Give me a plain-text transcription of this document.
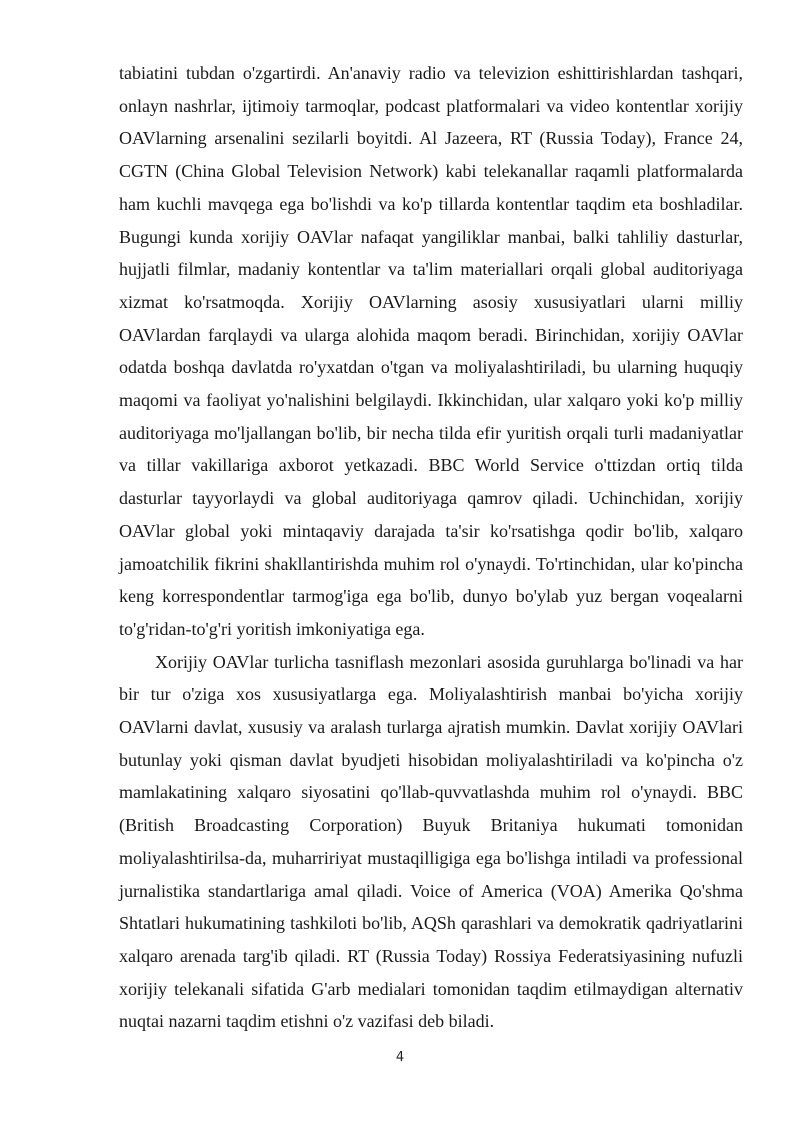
tabiatini tubdan o'zgartirdi. An'anaviy radio va televizion eshittirishlardan tashqari, onlayn nashrlar, ijtimoiy tarmoqlar, podcast platformalari va video kontentlar xorijiy OAVlarning arsenalini sezilarli boyitdi. Al Jazeera, RT (Russia Today), France 24, CGTN (China Global Television Network) kabi telekanallar raqamli platformalarda ham kuchli mavqega ega bo'lishdi va ko'p tillarda kontentlar taqdim eta boshladilar. Bugungi kunda xorijiy OAVlar nafaqat yangiliklar manbai, balki tahliliy dasturlar, hujjatli filmlar, madaniy kontentlar va ta'lim materiallari orqali global auditoriyaga xizmat ko'rsatmoqda. Xorijiy OAVlarning asosiy xususiyatlari ularni milliy OAVlardan farqlaydi va ularga alohida maqom beradi. Birinchidan, xorijiy OAVlar odatda boshqa davlatda ro'yxatdan o'tgan va moliyalashtiriladi, bu ularning huquqiy maqomi va faoliyat yo'nalishini belgilaydi. Ikkinchidan, ular xalqaro yoki ko'p milliy auditoriyaga mo'ljallangan bo'lib, bir necha tilda efir yuritish orqali turli madaniyatlar va tillar vakillariga axborot yetkazadi. BBC World Service o'ttizdan ortiq tilda dasturlar tayyorlaydi va global auditoriyaga qamrov qiladi. Uchinchidan, xorijiy OAVlar global yoki mintaqaviy darajada ta'sir ko'rsatishga qodir bo'lib, xalqaro jamoatchilik fikrini shakllantirishda muhim rol o'ynaydi. To'rtinchidan, ular ko'pincha keng korrespondentlar tarmog'iga ega bo'lib, dunyo bo'ylab yuz bergan voqealarni to'g'ridan-to'g'ri yoritish imkoniyatiga ega.

Xorijiy OAVlar turlicha tasniflash mezonlari asosida guruhlarga bo'linadi va har bir tur o'ziga xos xususiyatlarga ega. Moliyalashtirish manbai bo'yicha xorijiy OAVlarni davlat, xususiy va aralash turlarga ajratish mumkin. Davlat xorijiy OAVlari butunlay yoki qisman davlat byudjeti hisobidan moliyalashtiriladi va ko'pincha o'z mamlakatining xalqaro siyosatini qo'llab-quvvatlashda muhim rol o'ynaydi. BBC (British Broadcasting Corporation) Buyuk Britaniya hukumati tomonidan moliyalashtirilsa-da, muharririyat mustaqilligiga ega bo'lishga intiladi va professional jurnalistika standartlariga amal qiladi. Voice of America (VOA) Amerika Qo'shma Shtatlari hukumatining tashkiloti bo'lib, AQSh qarashlari va demokratik qadriyatlarini xalqaro arenada targ'ib qiladi. RT (Russia Today) Rossiya Federatsiyasining nufuzli xorijiy telekanali sifatida G'arb medialari tomonidan taqdim etilmaydigan alternativ nuqtai nazarni taqdim etishni o'z vazifasi deb biladi.

4
